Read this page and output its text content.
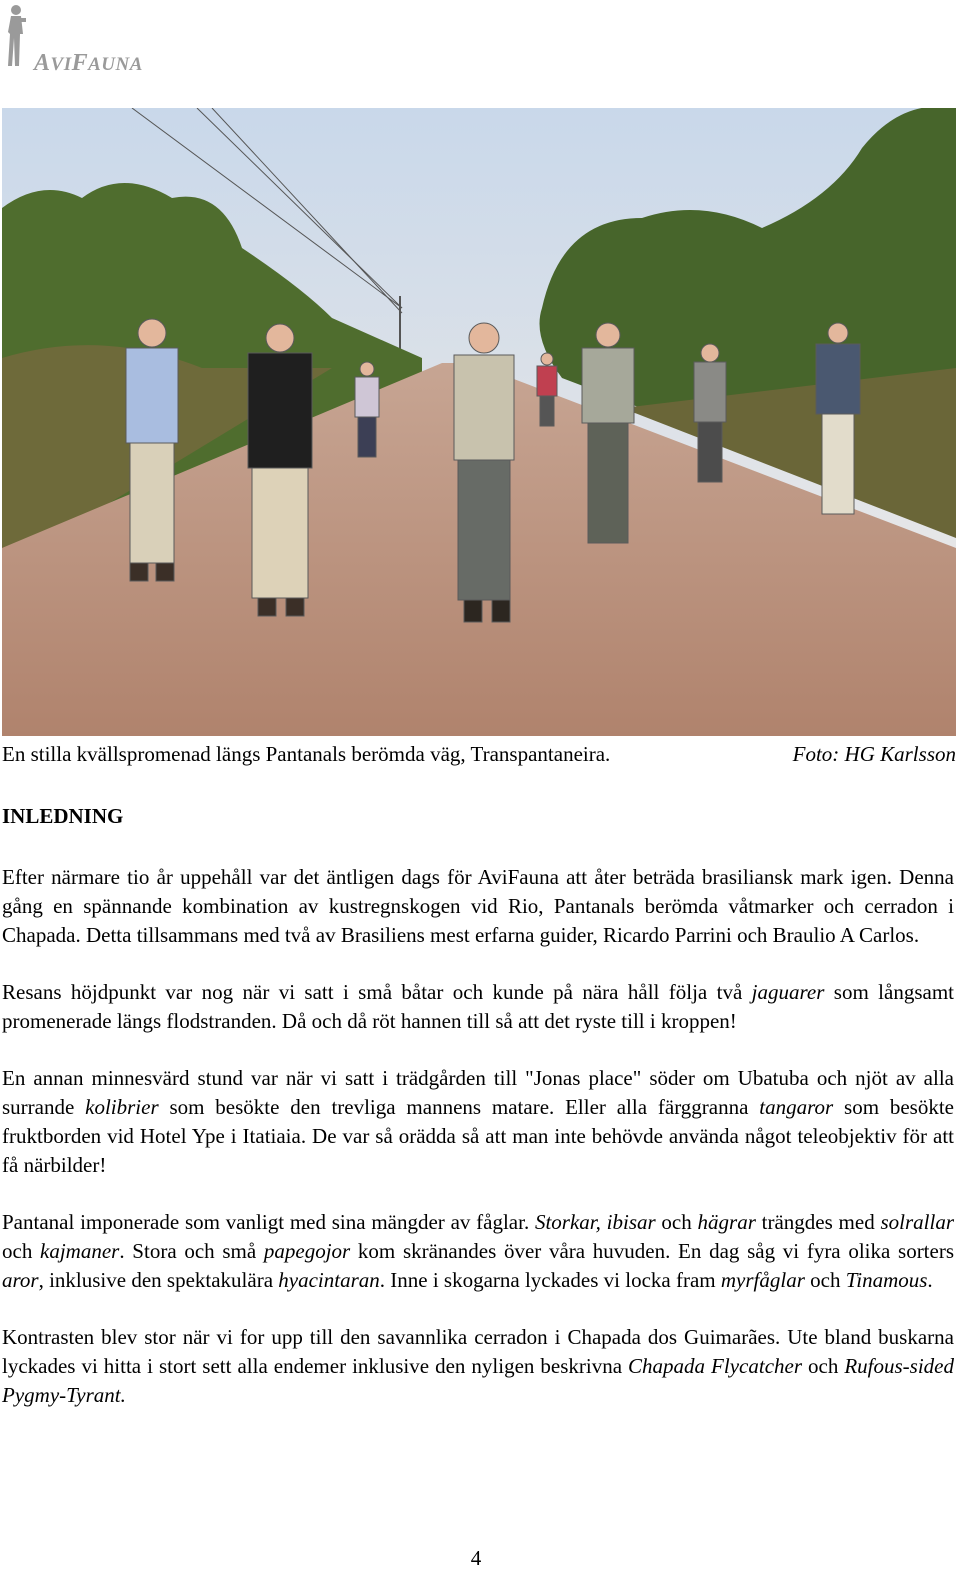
AVIFAUNA
En stilla kvällspromenad längs Pantanals berömda väg, Transpantaneira.	Foto: HG Karlsson
INLEDNING

Efter närmare tio år uppehåll var det äntligen dags för AviFauna att åter beträda brasiliansk mark igen. Denna gång en spännande kombination av kustregnskogen vid Rio, Pantanals berömda våtmarker och cerradon i Chapada. Detta tillsammans med två av Brasiliens mest erfarna guider, Ricardo Parrini och Braulio A Carlos.

Resans höjdpunkt var nog när vi satt i små båtar och kunde på nära håll följa två jaguarer som långsamt promenerade längs flodstranden. Då och då röt hannen till så att det ryste till i kroppen!

En annan minnesvärd stund var när vi satt i trädgården till "Jonas place" söder om Ubatuba och njöt av alla surrande kolibrier som besökte den trevliga mannens matare. Eller alla färggranna tangaror som besökte fruktborden vid Hotel Ype i Itatiaia. De var så orädda så att man inte behövde använda något teleobjektiv för att få närbilder!

Pantanal imponerade som vanligt med sina mängder av fåglar. Storkar, ibisar och hägrar trängdes med solrallar och kajmaner. Stora och små papegojor kom skränandes över våra huvuden. En dag såg vi fyra olika sorters aror, inklusive den spektakulära hyacintaran. Inne i skogarna lyckades vi locka fram myrfåglar och Tinamous.

Kontrasten blev stor när vi for upp till den savannlika cerradon i Chapada dos Guimarães. Ute bland buskarna lyckades vi hitta i stort sett alla endemer inklusive den nyligen beskrivna Chapada Flycatcher och Rufous-sided Pygmy-Tyrant.

4
